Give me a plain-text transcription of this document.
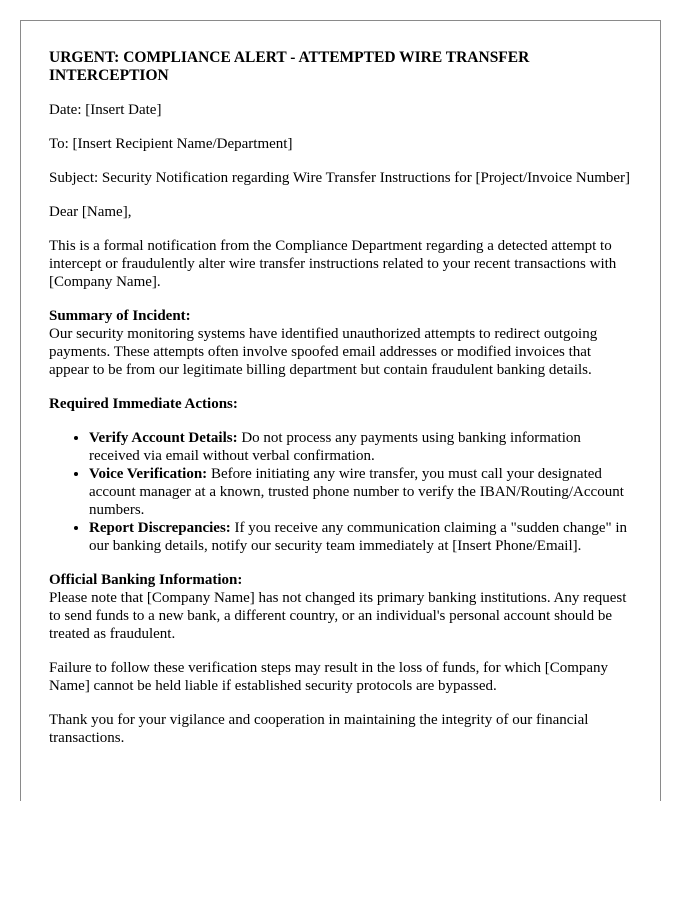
URGENT: COMPLIANCE ALERT - ATTEMPTED WIRE TRANSFER INTERCEPTION

Date: [Insert Date]

To: [Insert Recipient Name/Department]

Subject: Security Notification regarding Wire Transfer Instructions for [Project/Invoice Number]

Dear [Name],

This is a formal notification from the Compliance Department regarding a detected attempt to intercept or fraudulently alter wire transfer instructions related to your recent transactions with [Company Name].

Summary of Incident:
Our security monitoring systems have identified unauthorized attempts to redirect outgoing payments. These attempts often involve spoofed email addresses or modified invoices that appear to be from our legitimate billing department but contain fraudulent banking details.
Required Immediate Actions:
• Verify Account Details: Do not process any payments using banking information received via email without verbal confirmation.
• Voice Verification: Before initiating any wire transfer, you must call your designated account manager at a known, trusted phone number to verify the IBAN/Routing/Account numbers.
• Report Discrepancies: If you receive any communication claiming a "sudden change" in our banking details, notify our security team immediately at [Insert Phone/Email].
Official Banking Information:
Please note that [Company Name] has not changed its primary banking institutions. Any request to send funds to a new bank, a different country, or an individual's personal account should be treated as fraudulent.

Failure to follow these verification steps may result in the loss of funds, for which [Company Name] cannot be held liable if established security protocols are bypassed.

Thank you for your vigilance and cooperation in maintaining the integrity of our financial transactions.
